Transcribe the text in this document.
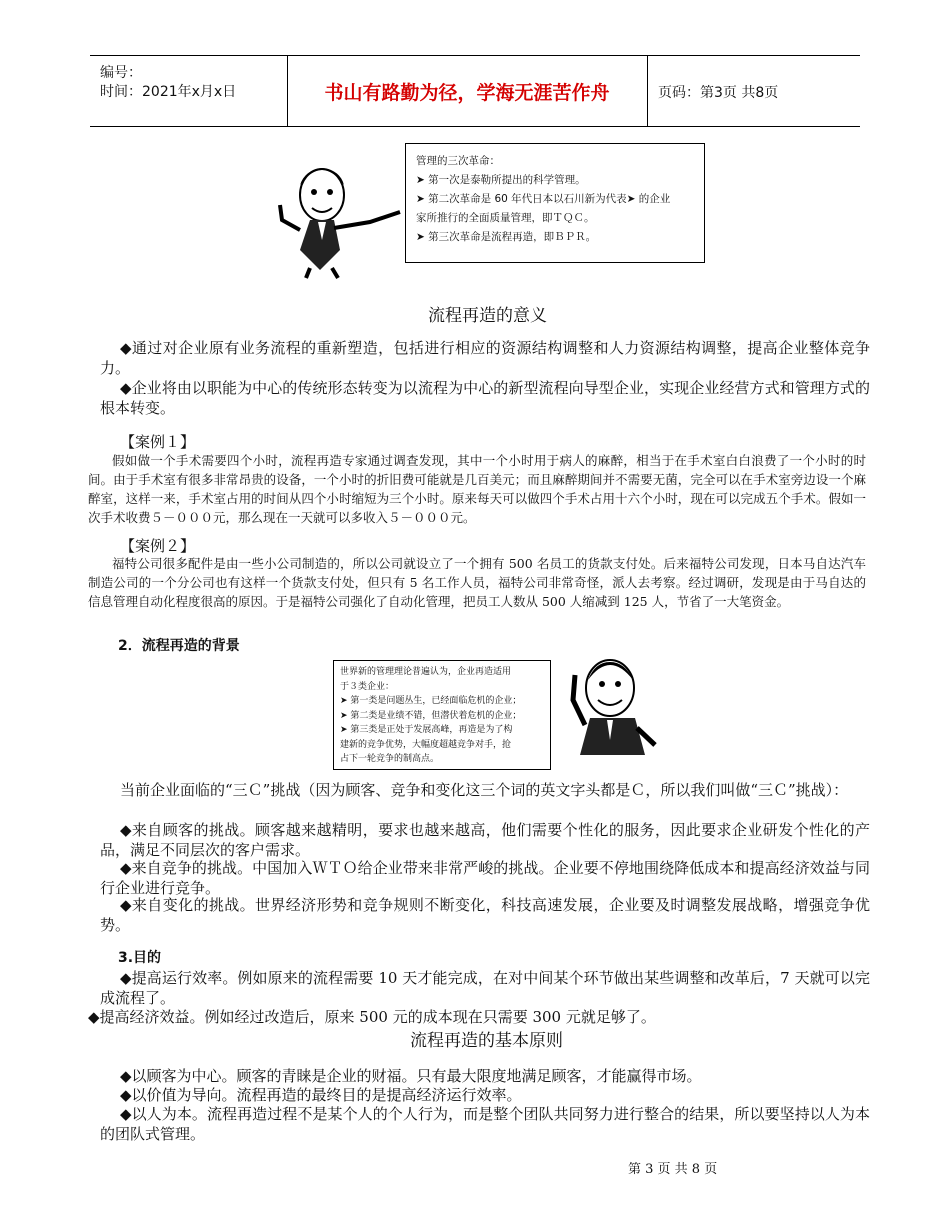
编号：
时间：2021年x月x日	书山有路勤为径，学海无涯苦作舟	页码：第3页 共8页
管理的三次革命：
➤ 第一次是泰勒所提出的科学管理。
➤ 第二次革命是 60 年代日本以石川新为代表➤ 的企业
家所推行的全面质量管理，即ＴＱＣ。
➤ 第三次革命是流程再造，即ＢＰＲ。
流程再造的意义
◆通过对企业原有业务流程的重新塑造，包括进行相应的资源结构调整和人力资源结构调整，提高企业整体竞争力。
◆企业将由以职能为中心的传统形态转变为以流程为中心的新型流程向导型企业，实现企业经营方式和管理方式的根本转变。
【案例１】
假如做一个手术需要四个小时，流程再造专家通过调查发现，其中一个小时用于病人的麻醉，相当于在手术室白白浪费了一个小时的时间。由于手术室有很多非常昂贵的设备，一个小时的折旧费可能就是几百美元；而且麻醉期间并不需要无菌，完全可以在手术室旁边设一个麻醉室，这样一来，手术室占用的时间从四个小时缩短为三个小时。原来每天可以做四个手术占用十六个小时，现在可以完成五个手术。假如一次手术收费５－０００元，那么现在一天就可以多收入５－０００元。
【案例２】
福特公司很多配件是由一些小公司制造的，所以公司就设立了一个拥有 500 名员工的货款支付处。后来福特公司发现，日本马自达汽车制造公司的一个分公司也有这样一个货款支付处，但只有 5 名工作人员，福特公司非常奇怪，派人去考察。经过调研，发现是由于马自达的信息管理自动化程度很高的原因。于是福特公司强化了自动化管理，把员工人数从 500 人缩减到 125 人，节省了一大笔资金。
2．流程再造的背景
世界新的管理理论普遍认为，企业再造适用
于３类企业：
➤ 第一类是问题丛生，已经面临危机的企业；
➤ 第二类是业绩不错，但潜伏着危机的企业；
➤ 第三类是正处于发展高峰，再造是为了构
建新的竞争优势，大幅度超越竞争对手，抢
占下一轮竞争的制高点。
当前企业面临的“三Ｃ”挑战（因为顾客、竞争和变化这三个词的英文字头都是Ｃ，所以我们叫做“三Ｃ”挑战）：
◆来自顾客的挑战。顾客越来越精明，要求也越来越高，他们需要个性化的服务，因此要求企业研发个性化的产品，满足不同层次的客户需求。
◆来自竞争的挑战。中国加入ＷＴＯ给企业带来非常严峻的挑战。企业要不停地围绕降低成本和提高经济效益与同行企业进行竞争。
◆来自变化的挑战。世界经济形势和竞争规则不断变化，科技高速发展，企业要及时调整发展战略，增强竞争优势。
3.目的
◆提高运行效率。例如原来的流程需要 10 天才能完成，在对中间某个环节做出某些调整和改革后，7 天就可以完成流程了。
◆提高经济效益。例如经过改造后，原来 500 元的成本现在只需要 300 元就足够了。
流程再造的基本原则
◆以顾客为中心。顾客的青睐是企业的财福。只有最大限度地满足顾客，才能赢得市场。
◆以价值为导向。流程再造的最终目的是提高经济运行效率。
◆以人为本。流程再造过程不是某个人的个人行为，而是整个团队共同努力进行整合的结果，所以要坚持以人为本的团队式管理。
第 3 页 共 8 页
